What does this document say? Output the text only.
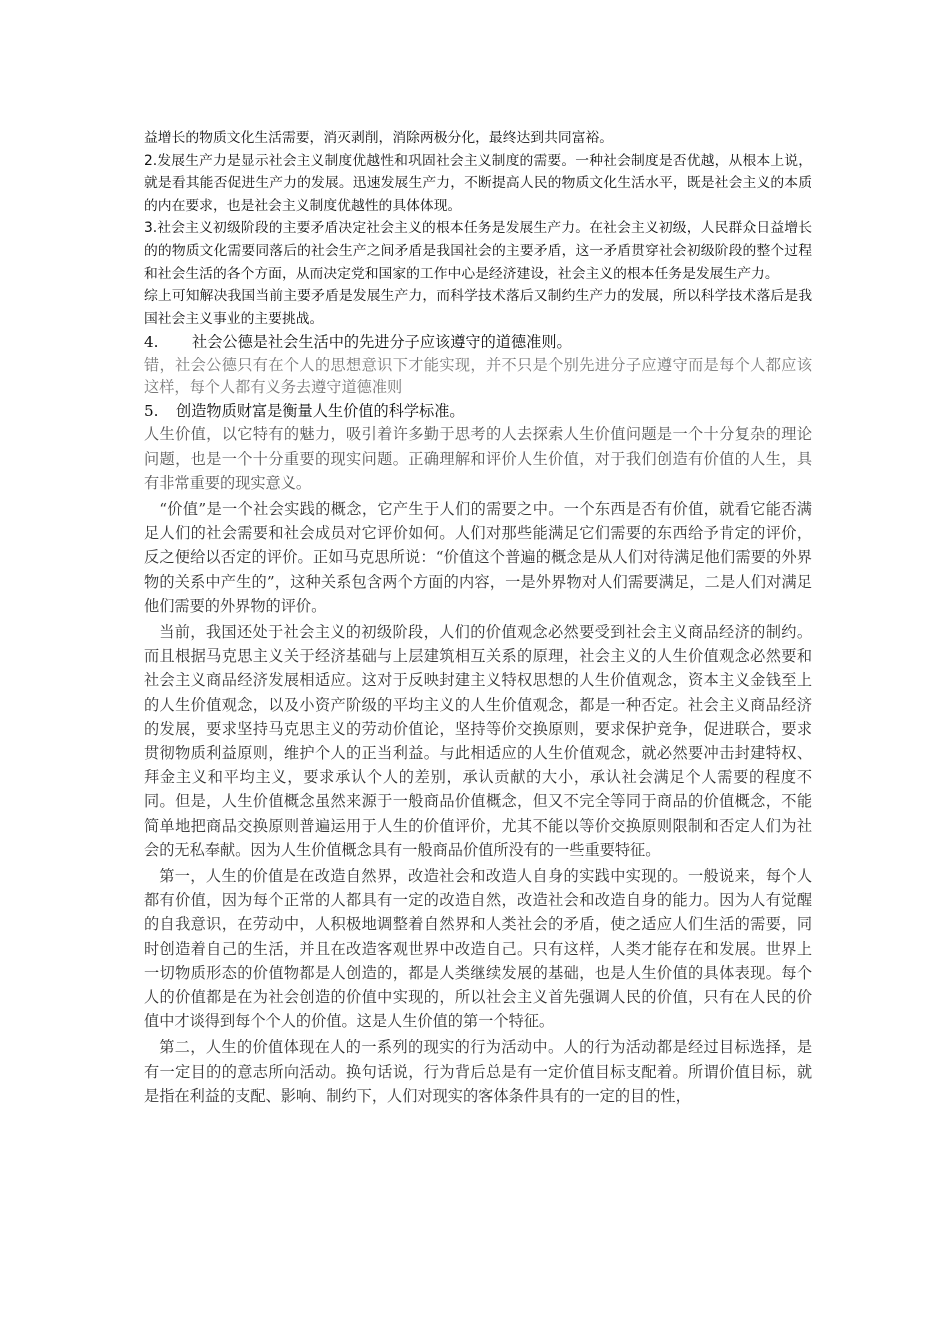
益增长的物质文化生活需要，消灭剥削，消除两极分化，最终达到共同富裕。

2.发展生产力是显示社会主义制度优越性和巩固社会主义制度的需要。一种社会制度是否优越，从根本上说，就是看其能否促进生产力的发展。迅速发展生产力，不断提高人民的物质文化生活水平，既是社会主义的本质的内在要求，也是社会主义制度优越性的具体体现。

3.社会主义初级阶段的主要矛盾决定社会主义的根本任务是发展生产力。在社会主义初级，人民群众日益增长的的物质文化需要同落后的社会生产之间矛盾是我国社会的主要矛盾，这一矛盾贯穿社会初级阶段的整个过程和社会生活的各个方面，从而决定党和国家的工作中心是经济建设，社会主义的根本任务是发展生产力。

综上可知解决我国当前主要矛盾是发展生产力，而科学技术落后又制约生产力的发展，所以科学技术落后是我国社会主义事业的主要挑战。

4. 社会公德是社会生活中的先进分子应该遵守的道德准则。

错，社会公德只有在个人的思想意识下才能实现，并不只是个别先进分子应遵守而是每个人都应该这样，每个人都有义务去遵守道德准则

5. 创造物质财富是衡量人生价值的科学标准。

人生价值，以它特有的魅力，吸引着许多勤于思考的人去探索人生价值问题是一个十分复杂的理论问题，也是一个十分重要的现实问题。正确理解和评价人生价值，对于我们创造有价值的人生，具有非常重要的现实意义。

“价值”是一个社会实践的概念，它产生于人们的需要之中。一个东西是否有价值，就看它能否满足人们的社会需要和社会成员对它评价如何。人们对那些能满足它们需要的东西给予肯定的评价，反之便给以否定的评价。正如马克思所说：“价值这个普遍的概念是从人们对待满足他们需要的外界物的关系中产生的”，这种关系包含两个方面的内容，一是外界物对人们需要满足，二是人们对满足他们需要的外界物的评价。

当前，我国还处于社会主义的初级阶段，人们的价值观念必然要受到社会主义商品经济的制约。而且根据马克思主义关于经济基础与上层建筑相互关系的原理，社会主义的人生价值观念必然要和社会主义商品经济发展相适应。这对于反映封建主义特权思想的人生价值观念，资本主义金钱至上的人生价值观念，以及小资产阶级的平均主义的人生价值观念，都是一种否定。社会主义商品经济的发展，要求坚持马克思主义的劳动价值论，坚持等价交换原则，要求保护竞争，促进联合，要求贯彻物质利益原则，维护个人的正当利益。与此相适应的人生价值观念，就必然要冲击封建特权、拜金主义和平均主义，要求承认个人的差别，承认贡献的大小，承认社会满足个人需要的程度不同。但是，人生价值概念虽然来源于一般商品价值概念，但又不完全等同于商品的价值概念，不能简单地把商品交换原则普遍运用于人生的价值评价，尤其不能以等价交换原则限制和否定人们为社会的无私奉献。因为人生价值概念具有一般商品价值所没有的一些重要特征。

第一，人生的价值是在改造自然界，改造社会和改造人自身的实践中实现的。一般说来，每个人都有价值，因为每个正常的人都具有一定的改造自然，改造社会和改造自身的能力。因为人有觉醒的自我意识，在劳动中，人积极地调整着自然界和人类社会的矛盾，使之适应人们生活的需要，同时创造着自己的生活，并且在改造客观世界中改造自己。只有这样，人类才能存在和发展。世界上一切物质形态的价值物都是人创造的，都是人类继续发展的基础，也是人生价值的具体表现。每个人的价值都是在为社会创造的价值中实现的，所以社会主义首先强调人民的价值，只有在人民的价值中才谈得到每个个人的价值。这是人生价值的第一个特征。

第二，人生的价值体现在人的一系列的现实的行为活动中。人的行为活动都是经过目标选择，是有一定目的的意志所向活动。换句话说，行为背后总是有一定价值目标支配着。所谓价值目标，就是指在利益的支配、影响、制约下，人们对现实的客体条件具有的一定的目的性，
